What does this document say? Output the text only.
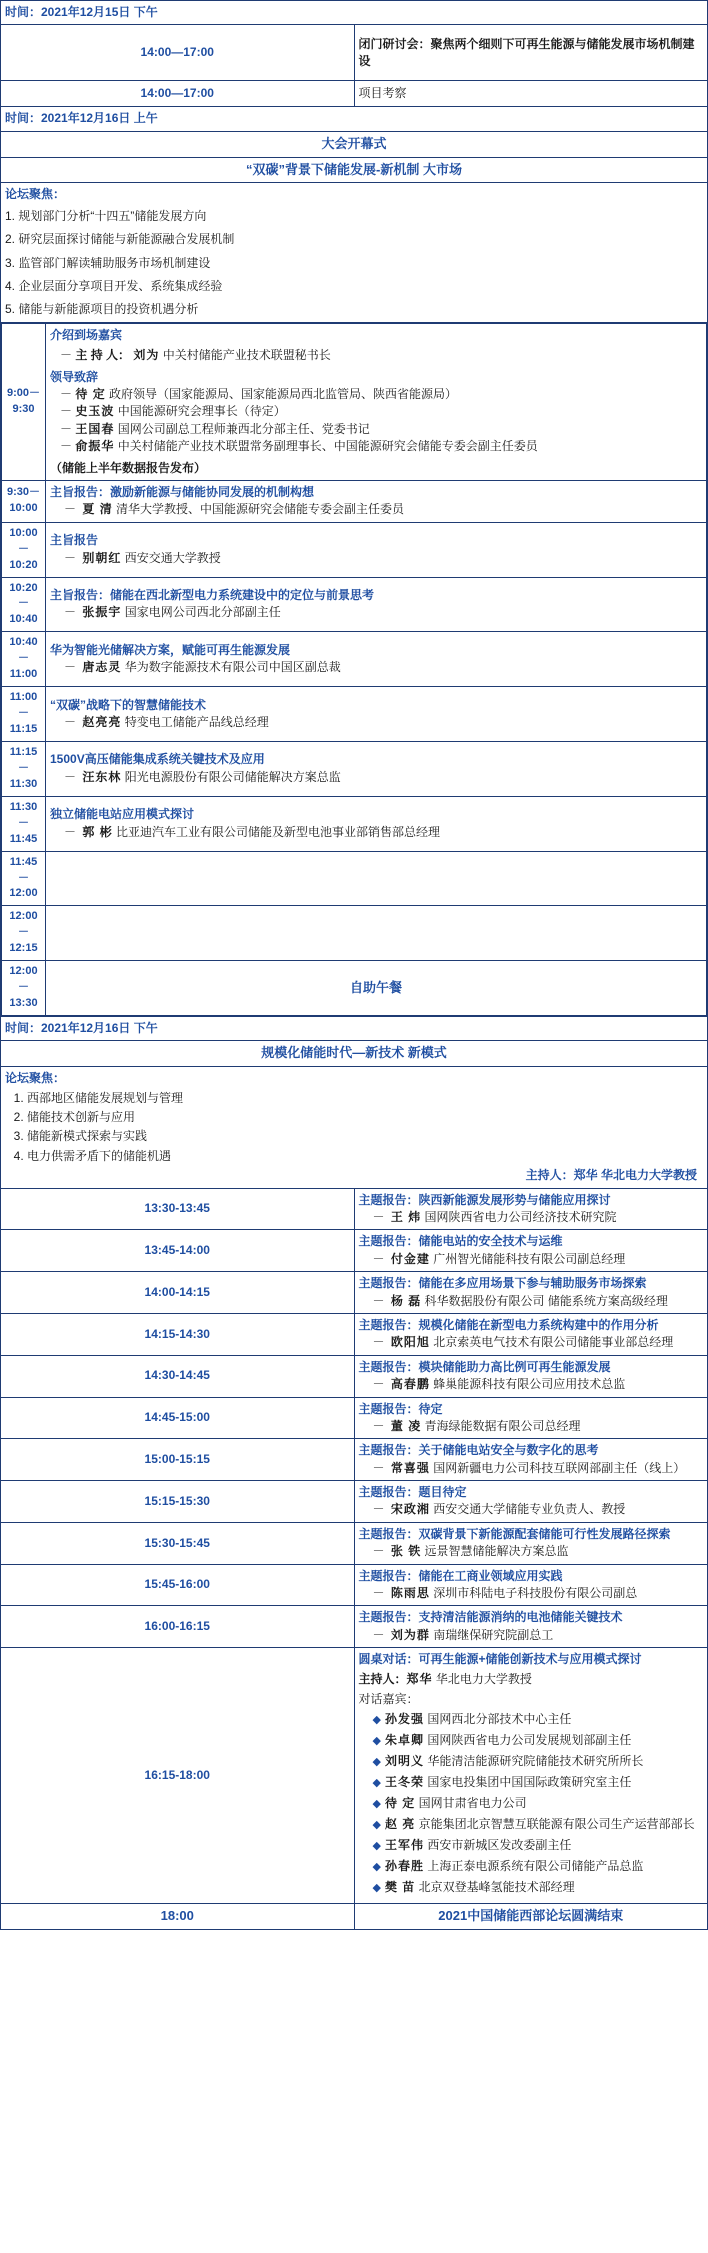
时间：2021年12月15日 下午
14:00—17:00	闭门研讨会：聚焦两个细则下可再生能源与储能发展市场机制建设
14:00—17:00	项目考察
时间：2021年12月16日 上午
大会开幕式
“双碳”背景下储能发展-新机制 大市场

论坛聚焦：
1. 规划部门分析“十四五”储能发展方向
2. 研究层面探讨储能与新能源融合发展机制
3. 监管部门解读辅助服务市场机制建设
4. 企业层面分享项目开发、系统集成经验
5. 储能与新能源项目的投资机遇分析

9:00－9:30	
介绍到场嘉宾
－ 主 持 人： 刘为 中关村储能产业技术联盟秘书长
领导致辞
－ 待 定 政府领导（国家能源局、国家能源局西北监管局、陕西省能源局）
－ 史玉波 中国能源研究会理事长（待定）
－ 王国春 国网公司副总工程师兼西北分部主任、党委书记
－ 俞振华 中关村储能产业技术联盟常务副理事长、中国能源研究会储能专委会副主任委员
（储能上半年数据报告发布）

9:30－10:00	
主旨报告：激励新能源与储能协同发展的机制构想
－ 夏 清 清华大学教授、中国能源研究会储能专委会副主任委员

10:00－10:20	
主旨报告
－ 别朝红 西安交通大学教授

10:20－10:40	
主旨报告：储能在西北新型电力系统建设中的定位与前景思考
－ 张振宇 国家电网公司西北分部副主任

10:40－11:00	
华为智能光储解决方案，赋能可再生能源发展
－ 唐志灵 华为数字能源技术有限公司中国区副总裁

11:00－11:15	
“双碳”战略下的智慧储能技术
－ 赵亮亮 特变电工储能产品线总经理

11:15－11:30	
1500V高压储能集成系统关键技术及应用
－ 汪东林 阳光电源股份有限公司储能解决方案总监

11:30－11:45	
独立储能电站应用模式探讨
－ 郭 彬 比亚迪汽车工业有限公司储能及新型电池事业部销售部总经理

11:45－12:00	
12:00－12:15	
12:00－13:30	自助午餐

时间：2021年12月16日 下午
规模化储能时代—新技术 新模式

论坛聚焦：
1. 西部地区储能发展规划与管理
2. 储能技术创新与应用
3. 储能新模式探索与实践
4. 电力供需矛盾下的储能机遇
主持人：郑华 华北电力大学教授

13:30-13:45	
主题报告：陕西新能源发展形势与储能应用探讨
－ 王 炜 国网陕西省电力公司经济技术研究院

13:45-14:00	
主题报告：储能电站的安全技术与运维
－ 付金建 广州智光储能科技有限公司副总经理

14:00-14:15	
主题报告：储能在多应用场景下参与辅助服务市场探索
－ 杨 磊 科华数据股份有限公司 储能系统方案高级经理

14:15-14:30	
主题报告：规模化储能在新型电力系统构建中的作用分析
－ 欧阳旭 北京索英电气技术有限公司储能事业部总经理

14:30-14:45	
主题报告：模块储能助力高比例可再生能源发展
－ 高春鹏 蜂巢能源科技有限公司应用技术总监

14:45-15:00	
主题报告：待定
－ 董 凌 青海绿能数据有限公司总经理

15:00-15:15	
主题报告：关于储能电站安全与数字化的思考
－ 常喜强 国网新疆电力公司科技互联网部副主任（线上）

15:15-15:30	
主题报告：题目待定
－ 宋政湘 西安交通大学储能专业负责人、教授

15:30-15:45	
主题报告：双碳背景下新能源配套储能可行性发展路径探索
－ 张 铁 远景智慧储能解决方案总监

15:45-16:00	
主题报告：储能在工商业领域应用实践
－ 陈雨思 深圳市科陆电子科技股份有限公司副总

16:00-16:15	
主题报告：支持清洁能源消纳的电池储能关键技术
－ 刘为群 南瑞继保研究院副总工

16:15-18:00	
圆桌对话：可再生能源+储能创新技术与应用模式探讨
主持人：郑华 华北电力大学教授
对话嘉宾：
◆ 孙发强 国网西北分部技术中心主任
◆ 朱卓卿 国网陕西省电力公司发展规划部副主任
◆ 刘明义 华能清洁能源研究院储能技术研究所所长
◆ 王冬荣 国家电投集团中国国际政策研究室主任
◆ 待 定 国网甘肃省电力公司
◆ 赵 亮 京能集团北京智慧互联能源有限公司生产运营部部长
◆ 王军伟 西安市新城区发改委副主任
◆ 孙春胜 上海正泰电源系统有限公司储能产品总监
◆ 樊 苗 北京双登基峰氢能技术部经理

18:00	2021中国储能西部论坛圆满结束
